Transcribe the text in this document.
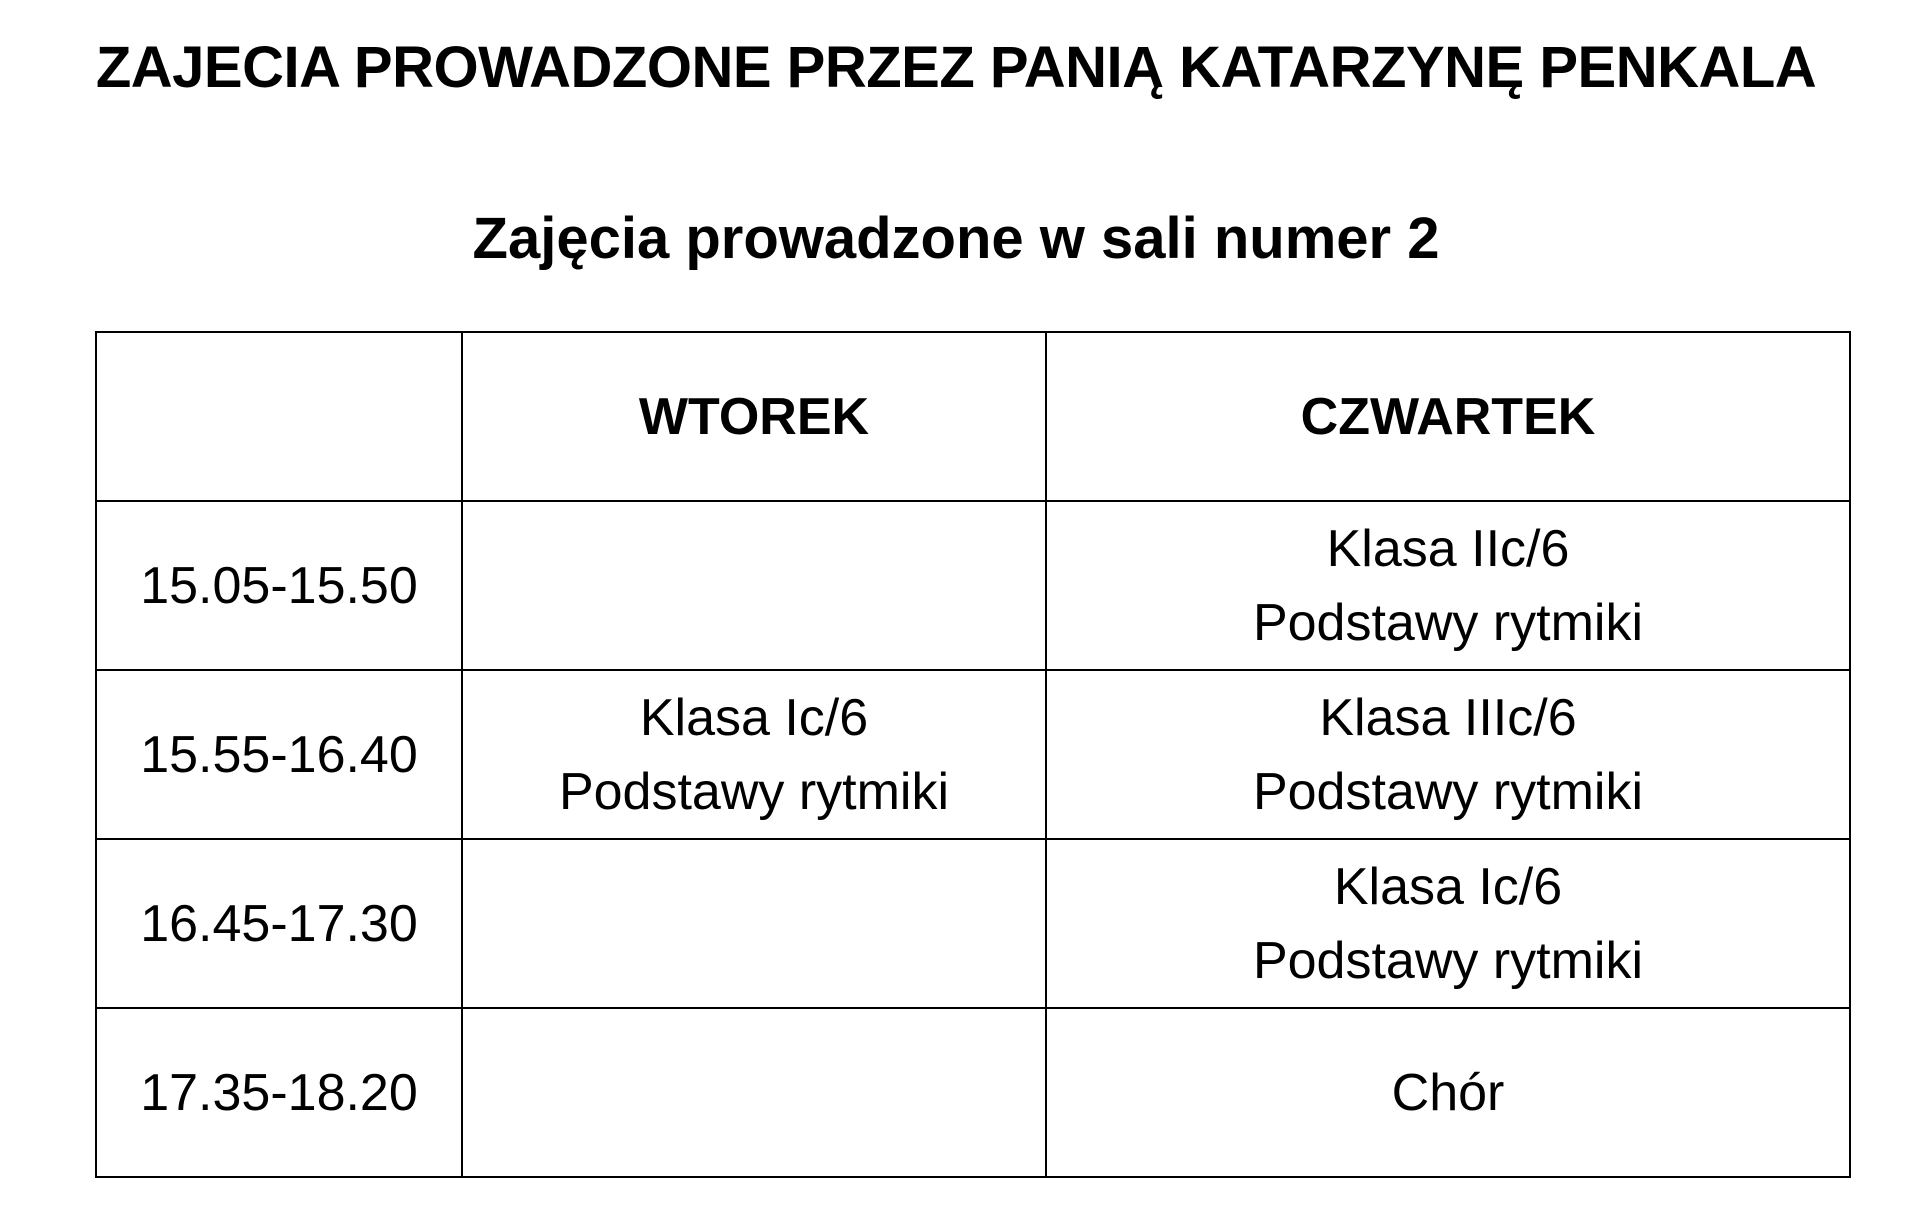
ZAJECIA PROWADZONE PRZEZ PANIĄ KATARZYNĘ PENKALA
Zajęcia prowadzone w sali numer 2
	WTOREK	CZWARTEK
15.05-15.50		Klasa IIc/6
Podstawy rytmiki

15.55-16.40	Klasa Ic/6
Podstawy rytmiki	Klasa IIIc/6
Podstawy rytmiki

16.45-17.30		Klasa Ic/6
Podstawy rytmiki

17.35-18.20		Chór
